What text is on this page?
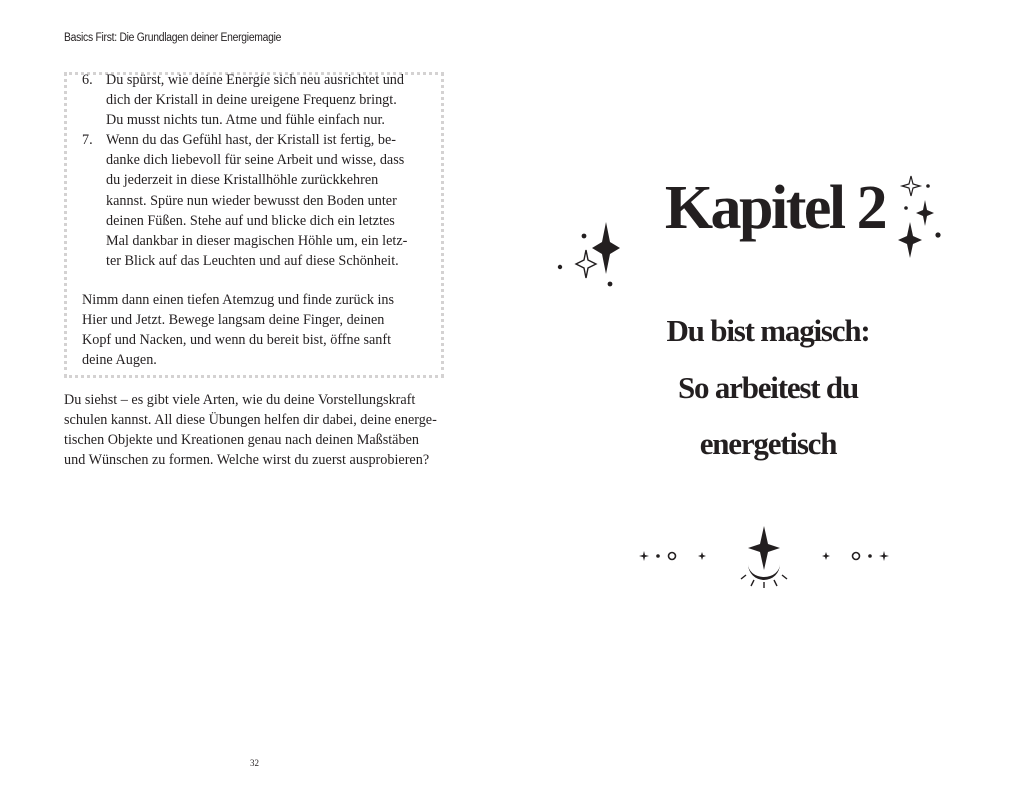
Basics First: Die Grundlagen deiner Energiemagie
6. Du spürst, wie deine Energie sich neu ausrichtet und
dich der Kristall in deine ureigene Frequenz bringt.
Du musst nichts tun. Atme und fühle einfach nur.
7. Wenn du das Gefühl hast, der Kristall ist fertig, be-
danke dich liebevoll für seine Arbeit und wisse, dass
du jederzeit in diese Kristallhöhle zurückkehren
kannst. Spüre nun wieder bewusst den Boden unter
deinen Füßen. Stehe auf und blicke dich ein letztes
Mal dankbar in dieser magischen Höhle um, ein letz-
ter Blick auf das Leuchten und auf diese Schönheit.

Nimm dann einen tiefen Atemzug und finde zurück ins
Hier und Jetzt. Bewege langsam deine Finger, deinen
Kopf und Nacken, und wenn du bereit bist, öffne sanft
deine Augen.

Du siehst – es gibt viele Arten, wie du deine Vorstellungskraft
schulen kannst. All diese Übungen helfen dir dabei, deine energe-
tischen Objekte und Kreationen genau nach deinen Maßstäben
und Wünschen zu formen. Welche wirst du zuerst ausprobieren?

32
Kapitel 2
Du bist magisch:
So arbeitest du
energetisch
